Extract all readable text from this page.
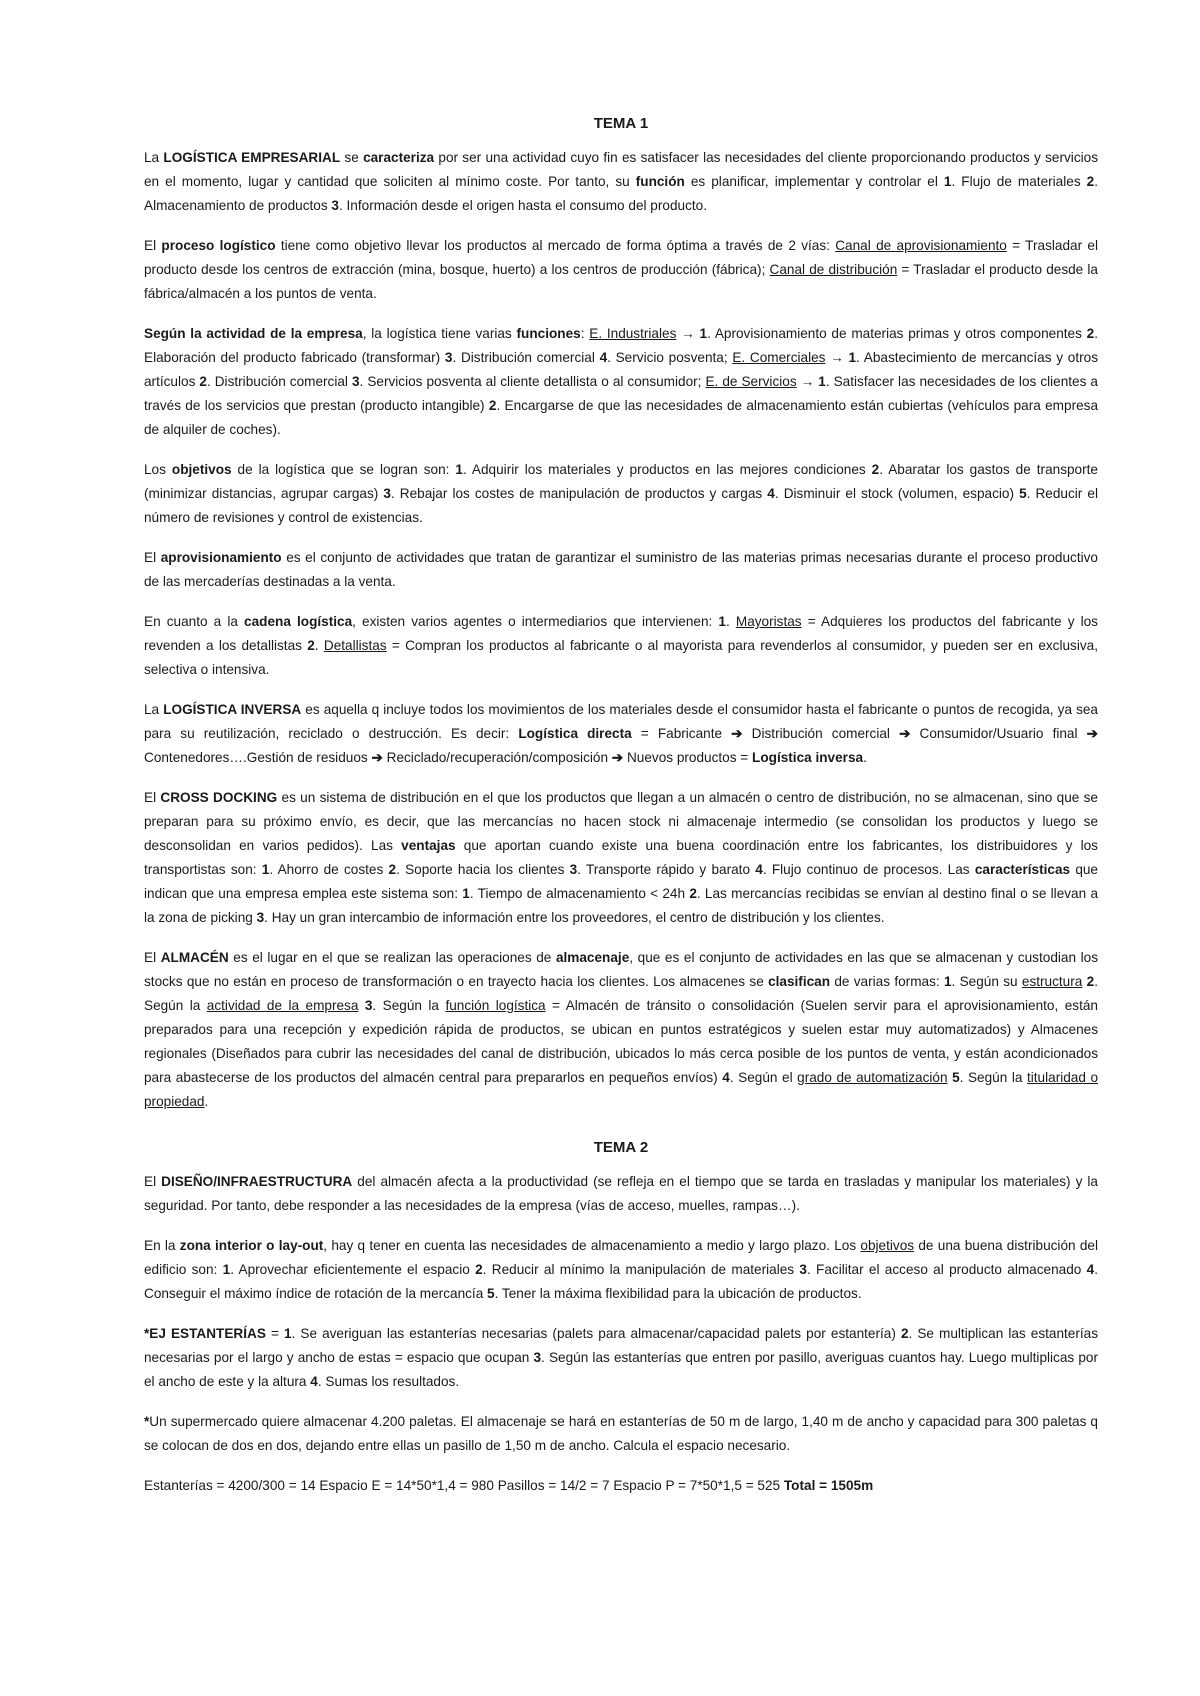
TEMA 1

La LOGÍSTICA EMPRESARIAL se caracteriza por ser una actividad cuyo fin es satisfacer las necesidades del cliente proporcionando productos y servicios en el momento, lugar y cantidad que soliciten al mínimo coste. Por tanto, su función es planificar, implementar y controlar el 1. Flujo de materiales 2. Almacenamiento de productos 3. Información desde el origen hasta el consumo del producto.

El proceso logístico tiene como objetivo llevar los productos al mercado de forma óptima a través de 2 vías: Canal de aprovisionamiento = Trasladar el producto desde los centros de extracción (mina, bosque, huerto) a los centros de producción (fábrica); Canal de distribución = Trasladar el producto desde la fábrica/almacén a los puntos de venta.

Según la actividad de la empresa, la logística tiene varias funciones: E. Industriales → 1. Aprovisionamiento de materias primas y otros componentes 2. Elaboración del producto fabricado (transformar) 3. Distribución comercial 4. Servicio posventa; E. Comerciales → 1. Abastecimiento de mercancías y otros artículos 2. Distribución comercial 3. Servicios posventa al cliente detallista o al consumidor; E. de Servicios → 1. Satisfacer las necesidades de los clientes a través de los servicios que prestan (producto intangible) 2. Encargarse de que las necesidades de almacenamiento están cubiertas (vehículos para empresa de alquiler de coches).

Los objetivos de la logística que se logran son: 1. Adquirir los materiales y productos en las mejores condiciones 2. Abaratar los gastos de transporte (minimizar distancias, agrupar cargas) 3. Rebajar los costes de manipulación de productos y cargas 4. Disminuir el stock (volumen, espacio) 5. Reducir el número de revisiones y control de existencias.

El aprovisionamiento es el conjunto de actividades que tratan de garantizar el suministro de las materias primas necesarias durante el proceso productivo de las mercaderías destinadas a la venta.

En cuanto a la cadena logística, existen varios agentes o intermediarios que intervienen: 1. Mayoristas = Adquieres los productos del fabricante y los revenden a los detallistas 2. Detallistas = Compran los productos al fabricante o al mayorista para revenderlos al consumidor, y pueden ser en exclusiva, selectiva o intensiva.

La LOGÍSTICA INVERSA es aquella q incluye todos los movimientos de los materiales desde el consumidor hasta el fabricante o puntos de recogida, ya sea para su reutilización, reciclado o destrucción. Es decir: Logística directa = Fabricante ➔ Distribución comercial ➔ Consumidor/Usuario final ➔ Contenedores….Gestión de residuos ➔ Reciclado/recuperación/composición ➔ Nuevos productos = Logística inversa.

El CROSS DOCKING es un sistema de distribución en el que los productos que llegan a un almacén o centro de distribución, no se almacenan, sino que se preparan para su próximo envío, es decir, que las mercancías no hacen stock ni almacenaje intermedio (se consolidan los productos y luego se desconsolidan en varios pedidos). Las ventajas que aportan cuando existe una buena coordinación entre los fabricantes, los distribuidores y los transportistas son: 1. Ahorro de costes 2. Soporte hacia los clientes 3. Transporte rápido y barato 4. Flujo continuo de procesos. Las características que indican que una empresa emplea este sistema son: 1. Tiempo de almacenamiento < 24h 2. Las mercancías recibidas se envían al destino final o se llevan a la zona de picking 3. Hay un gran intercambio de información entre los proveedores, el centro de distribución y los clientes.

El ALMACÉN es el lugar en el que se realizan las operaciones de almacenaje, que es el conjunto de actividades en las que se almacenan y custodian los stocks que no están en proceso de transformación o en trayecto hacia los clientes. Los almacenes se clasifican de varias formas: 1. Según su estructura 2. Según la actividad de la empresa 3. Según la función logística = Almacén de tránsito o consolidación (Suelen servir para el aprovisionamiento, están preparados para una recepción y expedición rápida de productos, se ubican en puntos estratégicos y suelen estar muy automatizados) y Almacenes regionales (Diseñados para cubrir las necesidades del canal de distribución, ubicados lo más cerca posible de los puntos de venta, y están acondicionados para abastecerse de los productos del almacén central para prepararlos en pequeños envíos) 4. Según el grado de automatización 5. Según la titularidad o propiedad.

TEMA 2

El DISEÑO/INFRAESTRUCTURA del almacén afecta a la productividad (se refleja en el tiempo que se tarda en trasladas y manipular los materiales) y la seguridad. Por tanto, debe responder a las necesidades de la empresa (vías de acceso, muelles, rampas…).

En la zona interior o lay-out, hay q tener en cuenta las necesidades de almacenamiento a medio y largo plazo. Los objetivos de una buena distribución del edificio son: 1. Aprovechar eficientemente el espacio 2. Reducir al mínimo la manipulación de materiales 3. Facilitar el acceso al producto almacenado 4. Conseguir el máximo índice de rotación de la mercancía 5. Tener la máxima flexibilidad para la ubicación de productos.

*EJ ESTANTERÍAS = 1. Se averiguan las estanterías necesarias (palets para almacenar/capacidad palets por estantería) 2. Se multiplican las estanterías necesarias por el largo y ancho de estas = espacio que ocupan 3. Según las estanterías que entren por pasillo, averiguas cuantos hay. Luego multiplicas por el ancho de este y la altura 4. Sumas los resultados.

*Un supermercado quiere almacenar 4.200 paletas. El almacenaje se hará en estanterías de 50 m de largo, 1,40 m de ancho y capacidad para 300 paletas q se colocan de dos en dos, dejando entre ellas un pasillo de 1,50 m de ancho. Calcula el espacio necesario.

Estanterías = 4200/300 = 14 Espacio E = 14*50*1,4 = 980 Pasillos = 14/2 = 7 Espacio P = 7*50*1,5 = 525 Total = 1505m
